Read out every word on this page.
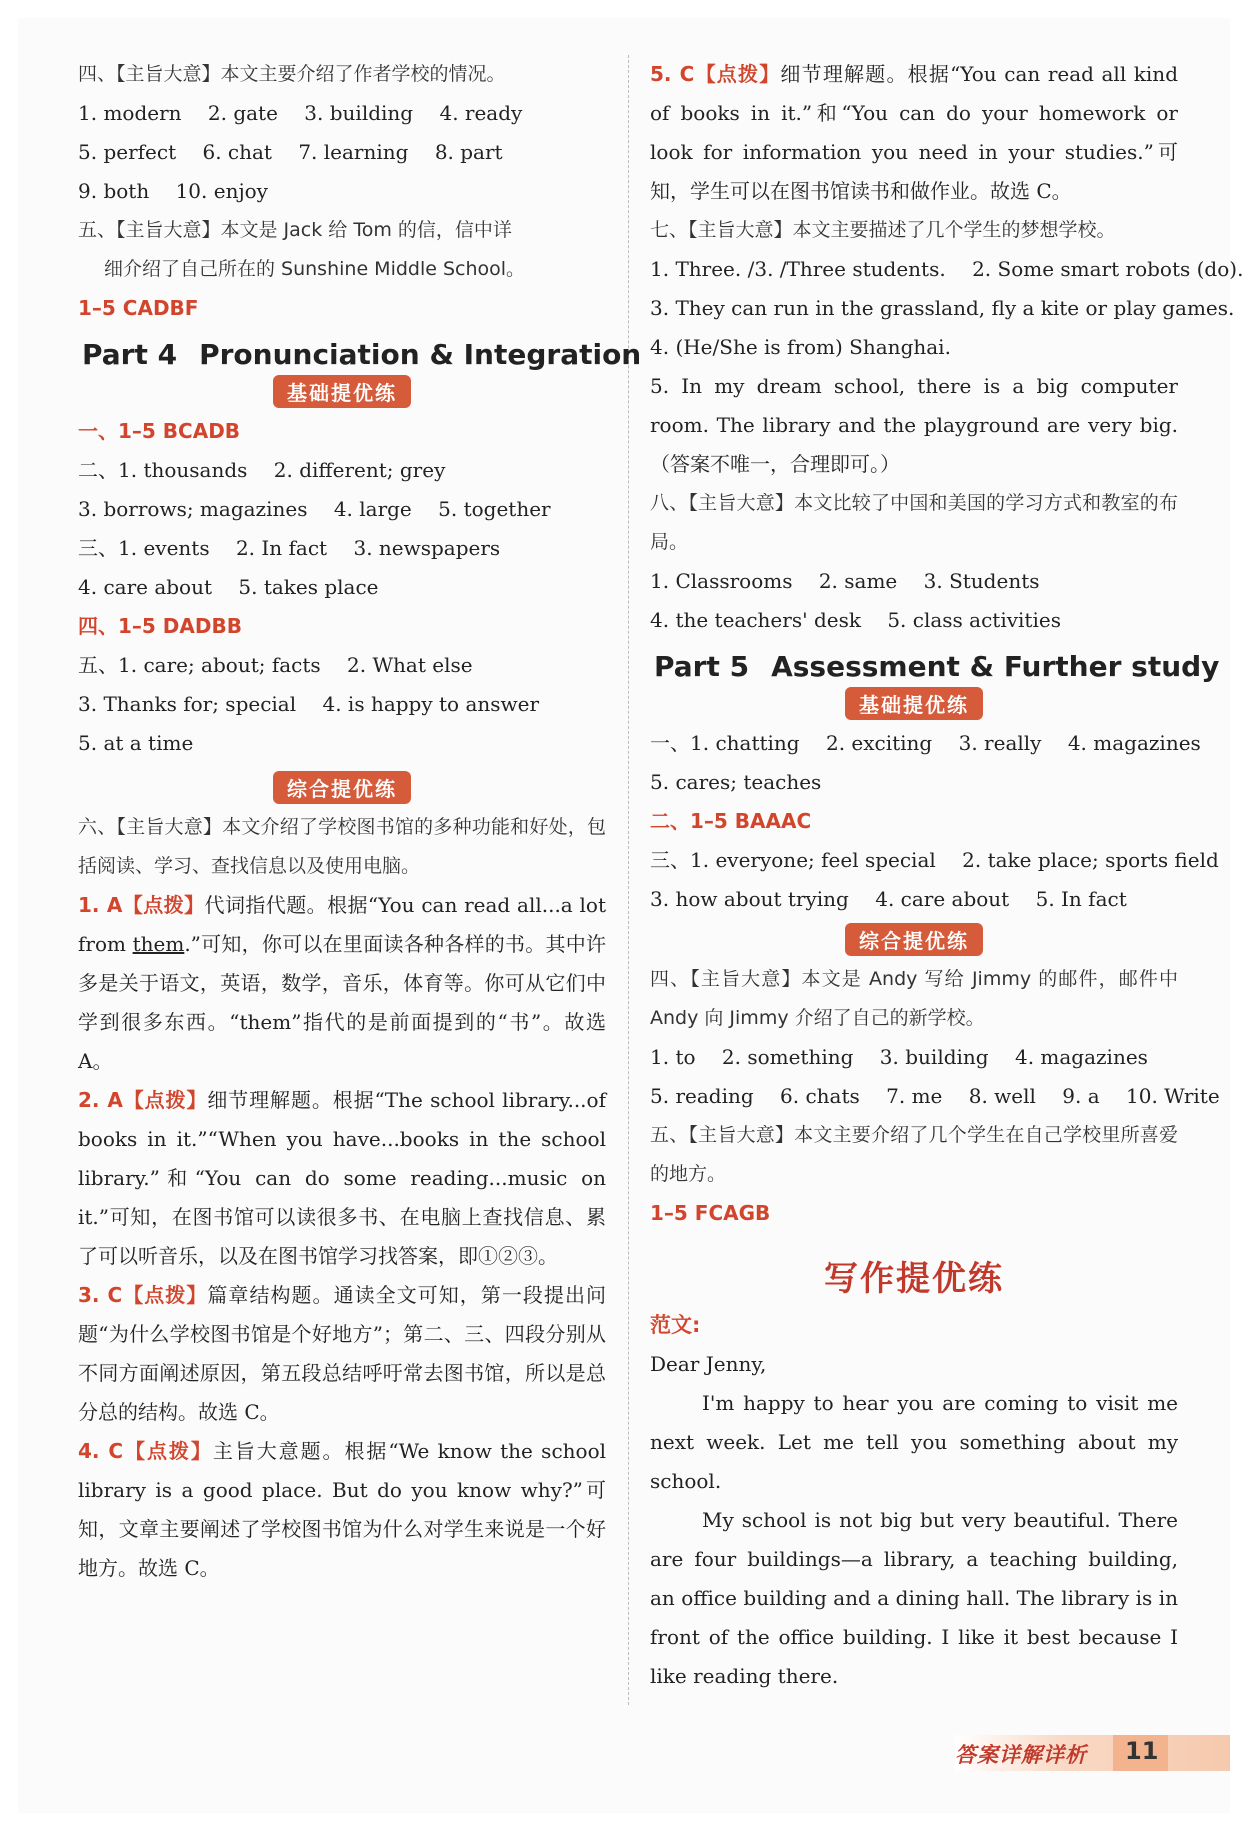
四、【主旨大意】本文主要介绍了作者学校的情况。
1. modern 2. gate 3. building 4. ready
5. perfect 6. chat 7. learning 8. part
9. both 10. enjoy
五、【主旨大意】本文是 Jack 给 Tom 的信，信中详
细介绍了自己所在的 Sunshine Middle School。
1–5 CADBF
Part 4 Pronunciation & Integration
基础提优练
一、1–5 BCADB
二、1. thousands 2. different; grey
3. borrows; magazines 4. large 5. together
三、1. events 2. In fact 3. newspapers
4. care about 5. takes place
四、1–5 DADBB
五、1. care; about; facts 2. What else
3. Thanks for; special 4. is happy to answer
5. at a time
综合提优练
六、【主旨大意】本文介绍了学校图书馆的多种功能和好处，包括阅读、学习、查找信息以及使用电脑。
1. A【点拨】代词指代题。根据“You can read all...a lot from them.”可知，你可以在里面读各种各样的书。其中许多是关于语文，英语，数学，音乐，体育等。你可从它们中学到很多东西。“them”指代的是前面提到的“书”。故选 A。
2. A【点拨】细节理解题。根据“The school library...of books in it.”“When you have...books in the school library.”和“You can do some reading...music on it.”可知，在图书馆可以读很多书、在电脑上查找信息、累了可以听音乐，以及在图书馆学习找答案，即①②③。
3. C【点拨】篇章结构题。通读全文可知，第一段提出问题“为什么学校图书馆是个好地方”；第二、三、四段分别从不同方面阐述原因，第五段总结呼吁常去图书馆，所以是总分总的结构。故选 C。
4. C【点拨】主旨大意题。根据“We know the school library is a good place. But do you know why?”可知，文章主要阐述了学校图书馆为什么对学生来说是一个好地方。故选 C。
5. C【点拨】细节理解题。根据“You can read all kind of books in it.”和“You can do your homework or look for information you need in your studies.”可知，学生可以在图书馆读书和做作业。故选 C。
七、【主旨大意】本文主要描述了几个学生的梦想学校。
1. Three. /3. /Three students. 2. Some smart robots (do).
3. They can run in the grassland, fly a kite or play games.
4. (He/She is from) Shanghai.
5. In my dream school, there is a big computer room. The library and the playground are very big.（答案不唯一，合理即可。）
八、【主旨大意】本文比较了中国和美国的学习方式和教室的布局。
1. Classrooms 2. same 3. Students
4. the teachers' desk 5. class activities
Part 5 Assessment & Further study
基础提优练
一、1. chatting 2. exciting 3. really 4. magazines
5. cares; teaches
二、1–5 BAAAC
三、1. everyone; feel special 2. take place; sports field
3. how about trying 4. care about 5. In fact
综合提优练
四、【主旨大意】本文是 Andy 写给 Jimmy 的邮件，邮件中 Andy 向 Jimmy 介绍了自己的新学校。
1. to 2. something 3. building 4. magazines
5. reading 6. chats 7. me 8. well 9. a 10. Write
五、【主旨大意】本文主要介绍了几个学生在自己学校里所喜爱的地方。
1–5 FCAGB
写作提优练
范文:
Dear Jenny,

I'm happy to hear you are coming to visit me next week. Let me tell you something about my school.

My school is not big but very beautiful. There are four buildings—a library, a teaching building, an office building and a dining hall. The library is in front of the office building. I like it best because I like reading there.

答案详解详析 11
